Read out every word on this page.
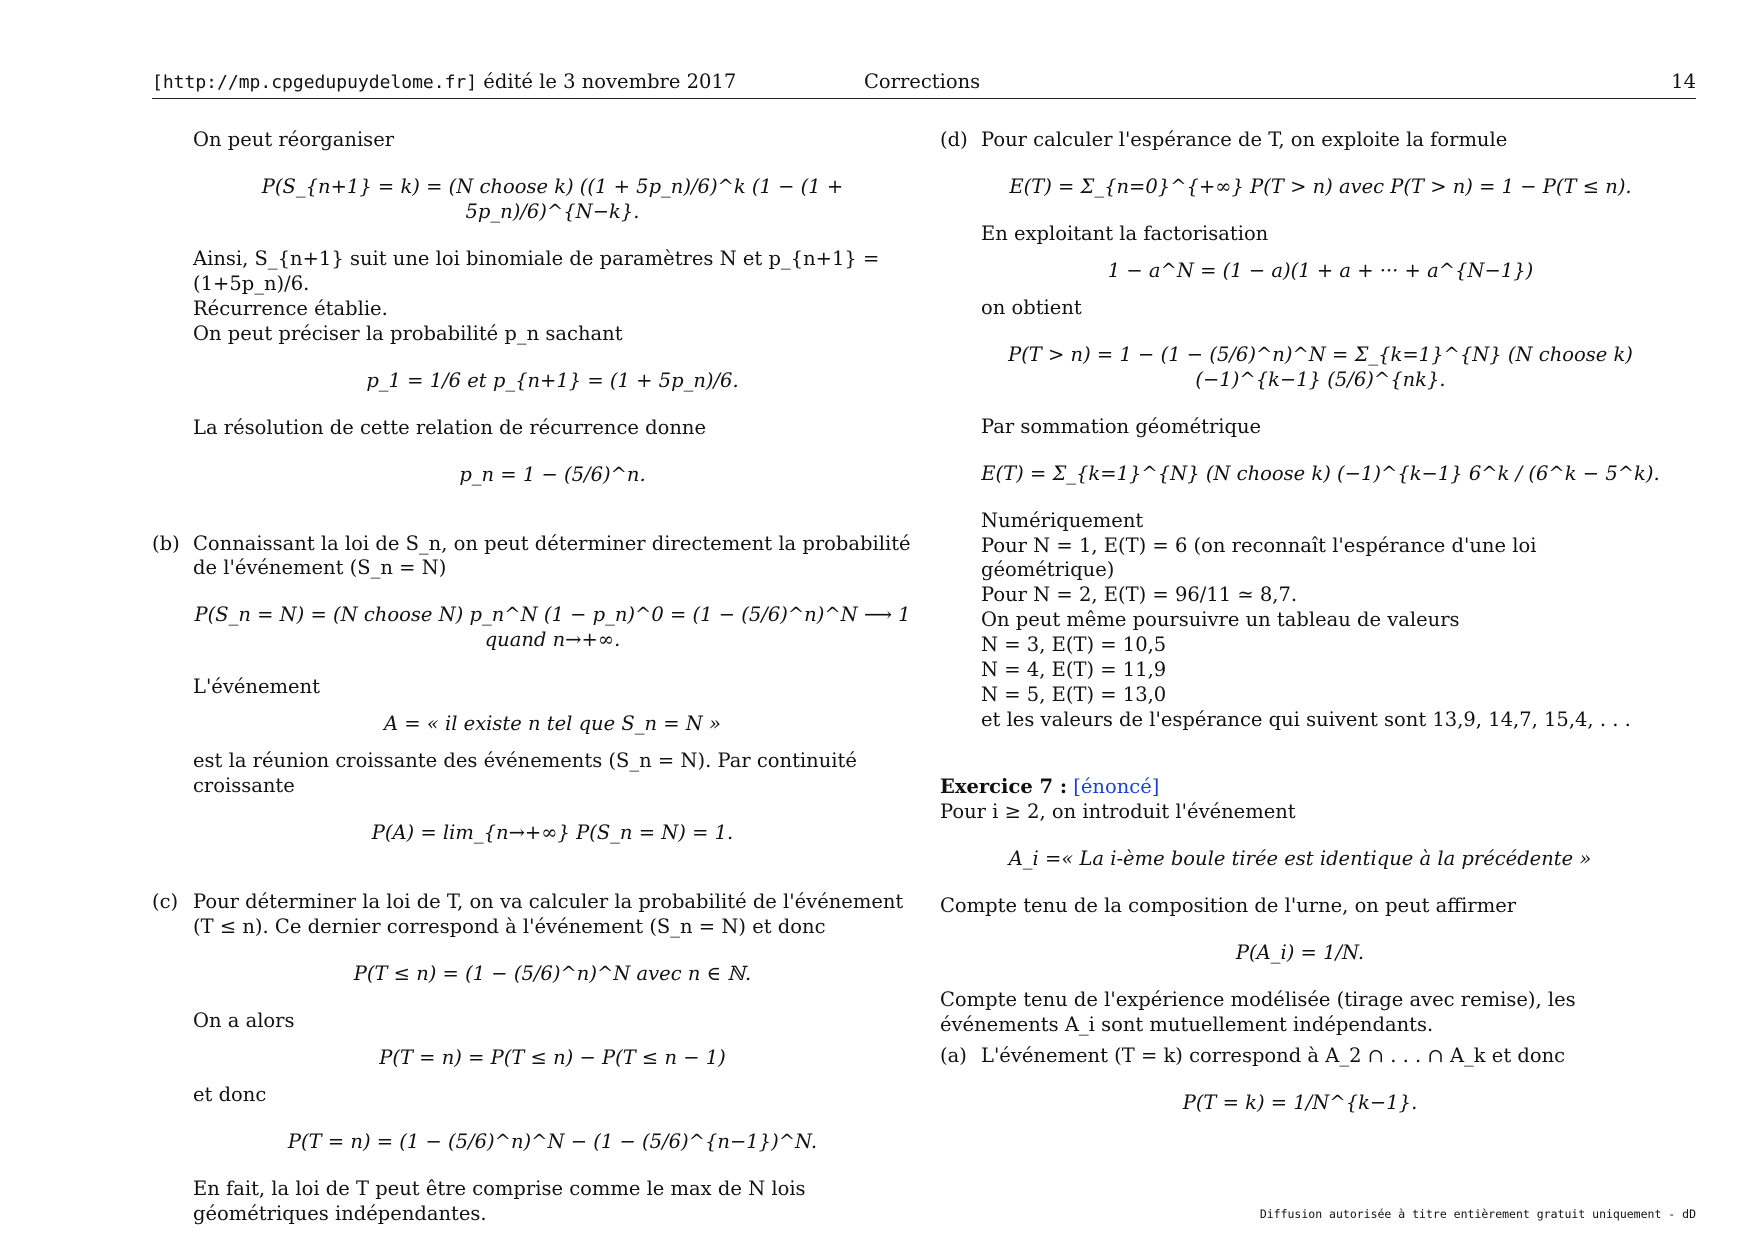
[http://mp.cpgedupuydelome.fr] édité le 3 novembre 2017	Corrections	14
On peut réorganiser
P(S_{n+1} = k) = (N choose k) ((1 + 5p_n)/6)^k (1 − (1 + 5p_n)/6)^{N−k}.
Ainsi, S_{n+1} suit une loi binomiale de paramètres N et p_{n+1} = (1+5p_n)/6.
Récurrence établie.
On peut préciser la probabilité p_n sachant
p_1 = 1/6 et p_{n+1} = (1 + 5p_n)/6.
La résolution de cette relation de récurrence donne
p_n = 1 − (5/6)^n.
(b) Connaissant la loi de S_n, on peut déterminer directement la probabilité de l'événement (S_n = N)
P(S_n = N) = (N choose N) p_n^N (1 − p_n)^0 = (1 − (5/6)^n)^N ⟶ 1 quand n→+∞.
L'événement
A = « il existe n tel que S_n = N »
est la réunion croissante des événements (S_n = N). Par continuité croissante
P(A) = lim_{n→+∞} P(S_n = N) = 1.
(c) Pour déterminer la loi de T, on va calculer la probabilité de l'événement (T ≤ n). Ce dernier correspond à l'événement (S_n = N) et donc
P(T ≤ n) = (1 − (5/6)^n)^N avec n ∈ ℕ.
On a alors
P(T = n) = P(T ≤ n) − P(T ≤ n − 1)
et donc
P(T = n) = (1 − (5/6)^n)^N − (1 − (5/6)^{n−1})^N.
En fait, la loi de T peut être comprise comme le max de N lois géométriques indépendantes.
(d) Pour calculer l'espérance de T, on exploite la formule
E(T) = Σ_{n=0}^{+∞} P(T > n) avec P(T > n) = 1 − P(T ≤ n).
En exploitant la factorisation
1 − a^N = (1 − a)(1 + a + ··· + a^{N−1})
on obtient
P(T > n) = 1 − (1 − (5/6)^n)^N = Σ_{k=1}^{N} (N choose k) (−1)^{k−1} (5/6)^{nk}.
Par sommation géométrique
E(T) = Σ_{k=1}^{N} (N choose k) (−1)^{k−1} 6^k / (6^k − 5^k).
Numériquement
Pour N = 1, E(T) = 6 (on reconnaît l'espérance d'une loi géométrique)
Pour N = 2, E(T) = 96/11 ≃ 8,7.
On peut même poursuivre un tableau de valeurs
N = 3, E(T) = 10,5
N = 4, E(T) = 11,9
N = 5, E(T) = 13,0
et les valeurs de l'espérance qui suivent sont 13,9, 14,7, 15,4, . . .
Exercice 7 : [énoncé]
Pour i ≥ 2, on introduit l'événement
A_i =« La i-ème boule tirée est identique à la précédente »
Compte tenu de la composition de l'urne, on peut affirmer
P(A_i) = 1/N.
Compte tenu de l'expérience modélisée (tirage avec remise), les événements A_i sont mutuellement indépendants.
(a) L'événement (T = k) correspond à A_2 ∩ . . . ∩ A_k et donc
P(T = k) = 1/N^{k−1}.
Diffusion autorisée à titre entièrement gratuit uniquement - dD
